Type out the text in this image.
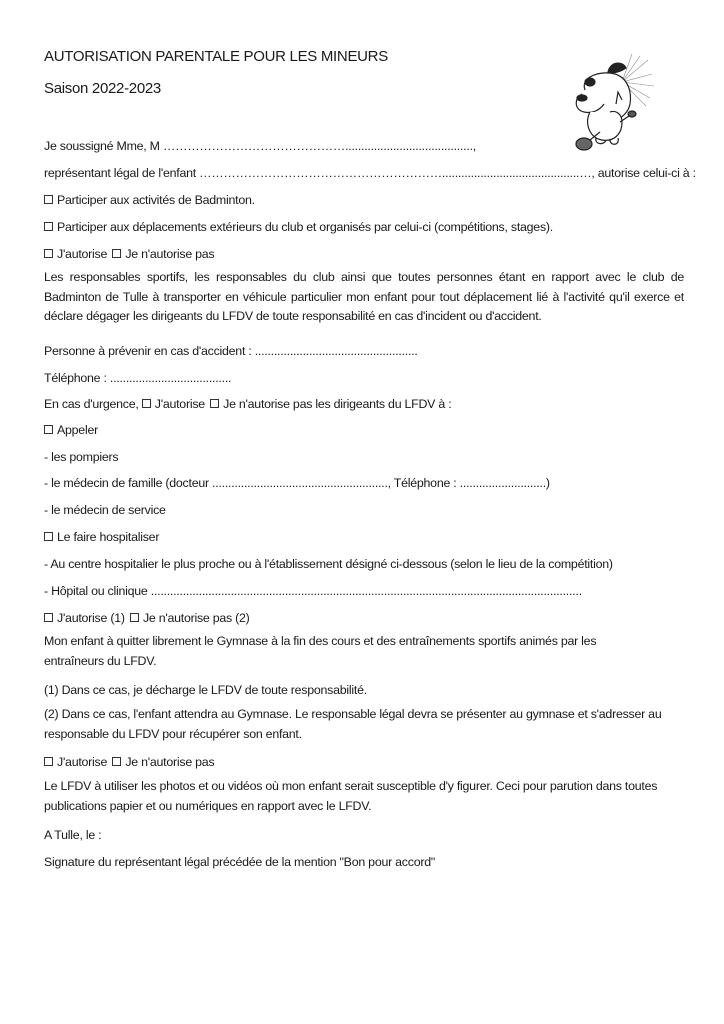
AUTORISATION PARENTALE POUR LES MINEURS
Saison 2022-2023
Je soussigné Mme, M ………………………………………........................................,
représentant légal de l'enfant ……………………………………………………...........................................…, autorise celui-ci à :
Participer aux activités de Badminton.
Participer aux déplacements extérieurs du club et organisés par celui-ci (compétitions, stages).
J'autorise Je n'autorise pas
Les responsables sportifs, les responsables du club ainsi que toutes personnes étant en rapport avec le club de Badminton de Tulle à transporter en véhicule particulier mon enfant pour tout déplacement lié à l'activité qu'il exerce et déclare dégager les dirigeants du LFDV de toute responsabilité en cas d'incident ou d'accident.
Personne à prévenir en cas d'accident : ...................................................
Téléphone : ......................................
En cas d'urgence, J'autorise Je n'autorise pas les dirigeants du LFDV à :
Appeler
- les pompiers
- le médecin de famille (docteur ......................................................., Téléphone : ...........................)
- le médecin de service
Le faire hospitaliser
- Au centre hospitalier le plus proche ou à l'établissement désigné ci-dessous (selon le lieu de la compétition)
- Hôpital ou clinique .......................................................................................................................................
J'autorise (1) Je n'autorise pas (2)
Mon enfant à quitter librement le Gymnase à la fin des cours et des entraînements sportifs animés par les entraîneurs du LFDV.
(1) Dans ce cas, je décharge le LFDV de toute responsabilité.
(2) Dans ce cas, l'enfant attendra au Gymnase. Le responsable légal devra se présenter au gymnase et s'adresser au responsable du LFDV pour récupérer son enfant.
J'autorise Je n'autorise pas
Le LFDV à utiliser les photos et ou vidéos où mon enfant serait susceptible d'y figurer. Ceci pour parution dans toutes publications papier et ou numériques en rapport avec le LFDV.
A Tulle, le :
Signature du représentant légal précédée de la mention "Bon pour accord"
